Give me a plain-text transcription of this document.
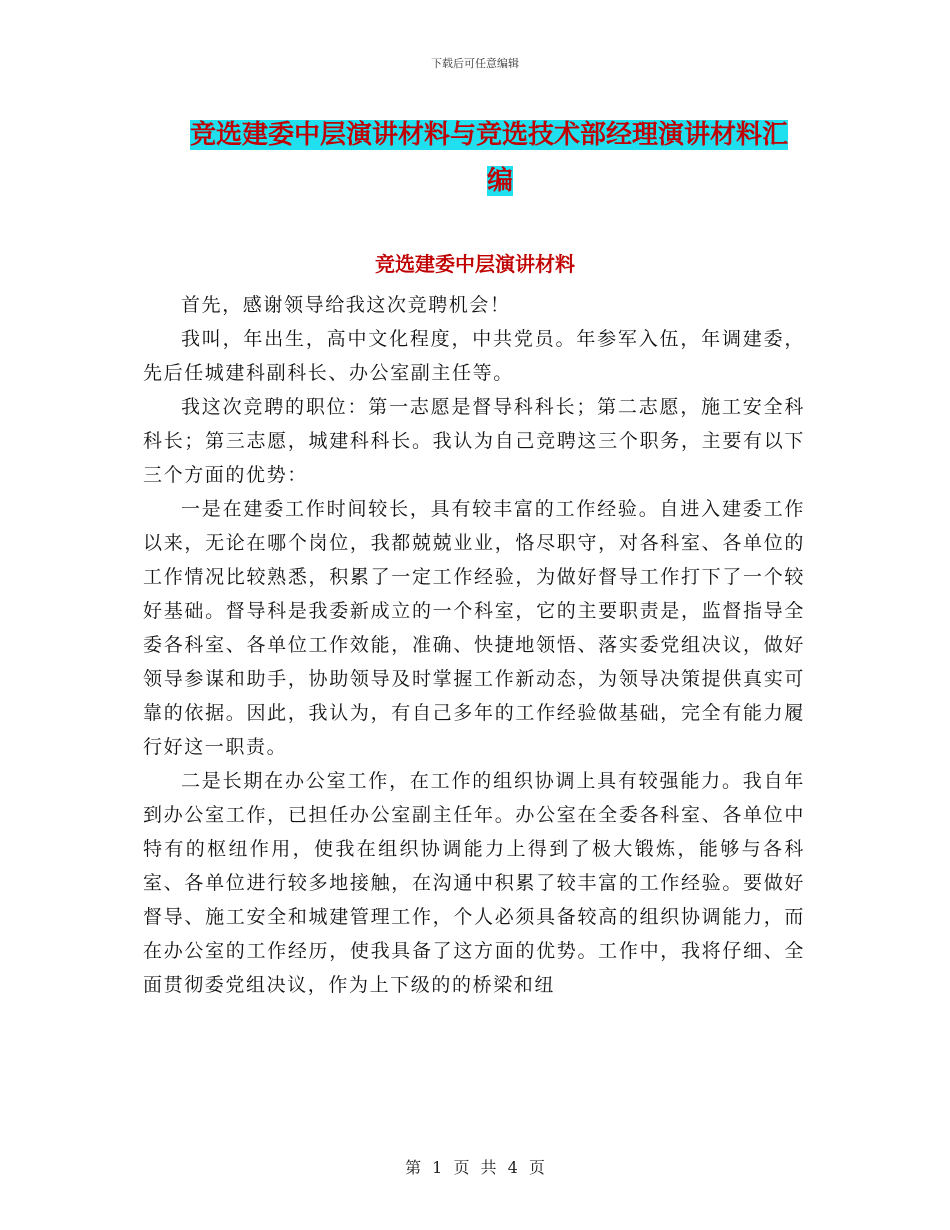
下载后可任意编辑
竞选建委中层演讲材料与竞选技术部经理演讲材料汇
编
竞选建委中层演讲材料

首先，感谢领导给我这次竞聘机会！

我叫，年出生，高中文化程度，中共党员。年参军入伍，年调建委，先后任城建科副科长、办公室副主任等。

我这次竞聘的职位：第一志愿是督导科科长；第二志愿，施工安全科科长；第三志愿，城建科科长。我认为自己竞聘这三个职务，主要有以下三个方面的优势：

一是在建委工作时间较长，具有较丰富的工作经验。自进入建委工作以来，无论在哪个岗位，我都兢兢业业，恪尽职守，对各科室、各单位的工作情况比较熟悉，积累了一定工作经验，为做好督导工作打下了一个较好基础。督导科是我委新成立的一个科室，它的主要职责是，监督指导全委各科室、各单位工作效能，准确、快捷地领悟、落实委党组决议，做好领导参谋和助手，协助领导及时掌握工作新动态，为领导决策提供真实可靠的依据。因此，我认为，有自己多年的工作经验做基础，完全有能力履行好这一职责。

二是长期在办公室工作，在工作的组织协调上具有较强能力。我自年到办公室工作，已担任办公室副主任年。办公室在全委各科室、各单位中特有的枢纽作用，使我在组织协调能力上得到了极大锻炼，能够与各科室、各单位进行较多地接触，在沟通中积累了较丰富的工作经验。要做好督导、施工安全和城建管理工作，个人必须具备较高的组织协调能力，而在办公室的工作经历，使我具备了这方面的优势。工作中，我将仔细、全面贯彻委党组决议，作为上下级的的桥梁和纽

第 1 页 共 4 页
